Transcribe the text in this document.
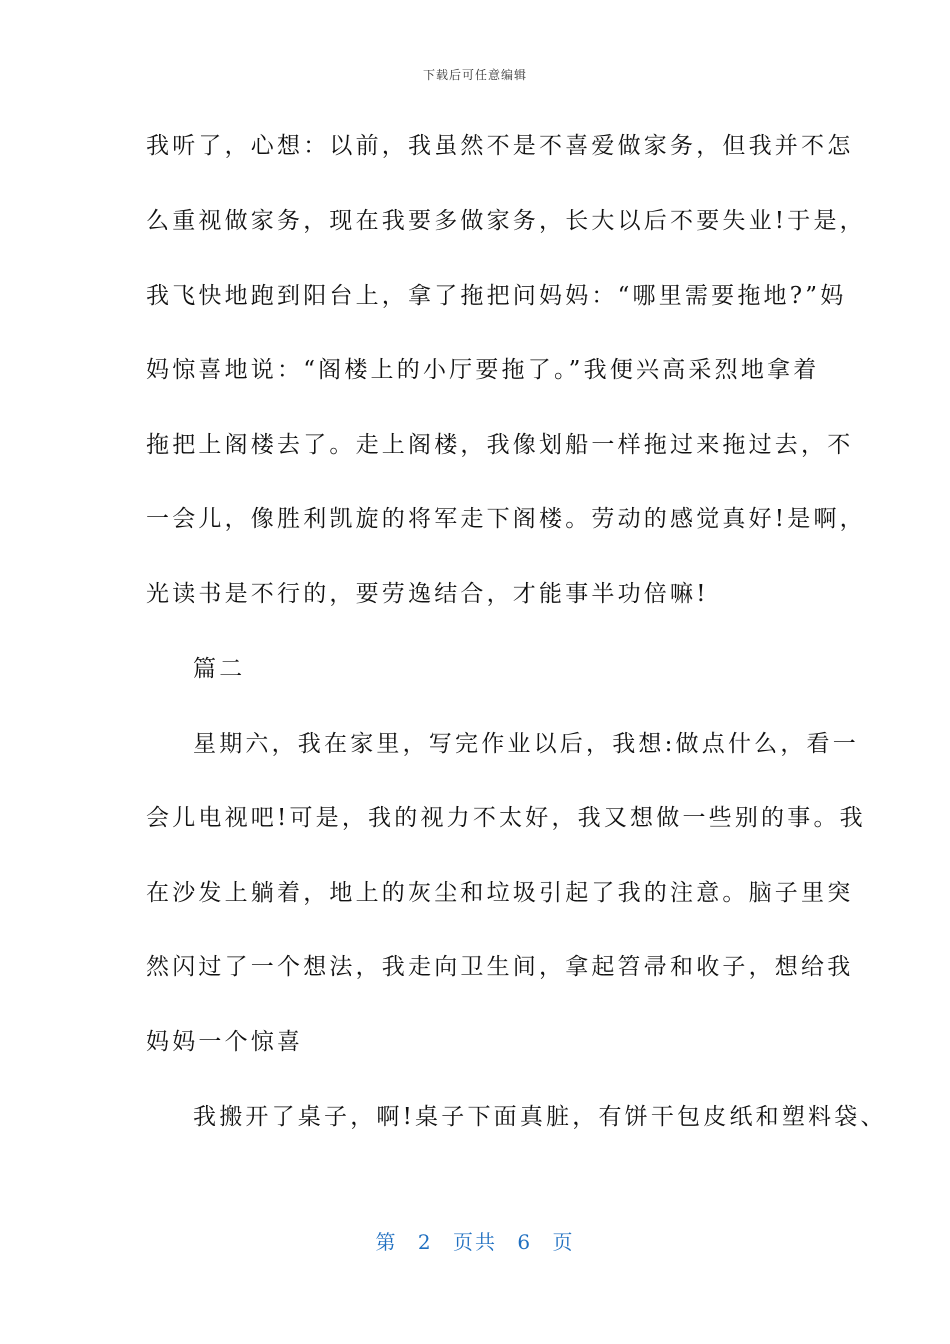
下载后可任意编辑
我听了，心想：以前，我虽然不是不喜爱做家务，但我并不怎
么重视做家务，现在我要多做家务，长大以后不要失业!于是，
我飞快地跑到阳台上，拿了拖把问妈妈：“哪里需要拖地?”妈
妈惊喜地说：“阁楼上的小厅要拖了。”我便兴高采烈地拿着
拖把上阁楼去了。走上阁楼，我像划船一样拖过来拖过去，不
一会儿，像胜利凯旋的将军走下阁楼。劳动的感觉真好!是啊，
光读书是不行的，要劳逸结合，才能事半功倍嘛!
篇二
星期六，我在家里，写完作业以后，我想:做点什么，看一
会儿电视吧!可是，我的视力不太好，我又想做一些别的事。我
在沙发上躺着，地上的灰尘和垃圾引起了我的注意。脑子里突
然闪过了一个想法，我走向卫生间，拿起笤帚和收子，想给我
妈妈一个惊喜
我搬开了桌子，啊!桌子下面真脏，有饼干包皮纸和塑料袋、
第 2 页共 6 页
